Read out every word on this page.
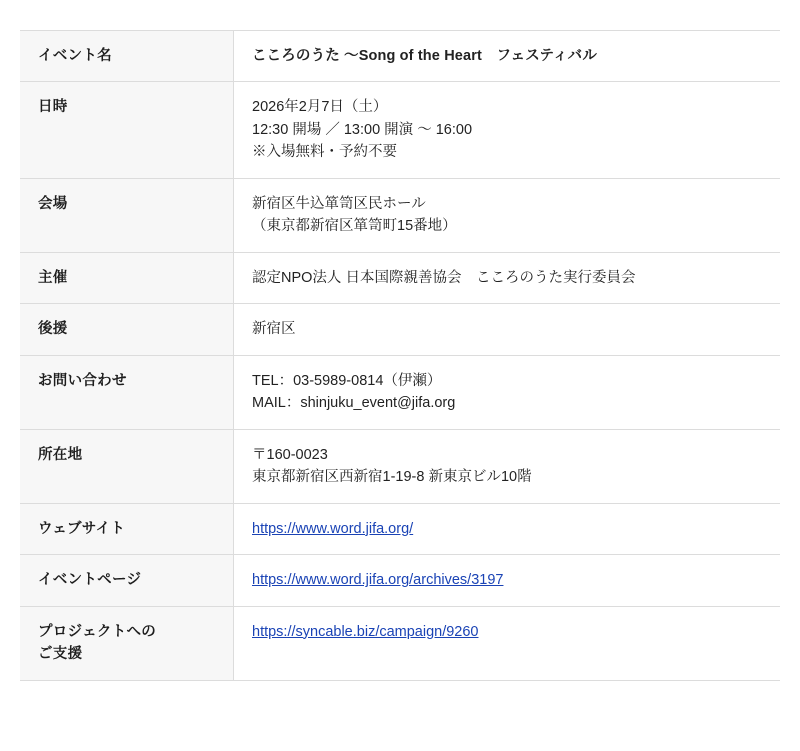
イベント名	こころのうた 〜Song of the Heart　フェスティバル

日時	2026年2月7日（土）
12:30 開場 ／ 13:00 開演 〜 16:00
※入場無料・予約不要

会場	新宿区牛込箪笥区民ホール
（東京都新宿区箪笥町15番地）

主催	認定NPO法人 日本国際親善協会　こころのうた実行委員会

後援	新宿区

お問い合わせ	TEL：03-5989-0814（伊瀬）
MAIL：shinjuku_event@jifa.org

所在地	〒160-0023
東京都新宿区西新宿1-19-8 新東京ビル10階

ウェブサイト	https://www.word.jifa.org/
イベントページ	https://www.word.jifa.org/archives/3197

プロジェクトへの
ご支援	https://syncable.biz/campaign/9260
